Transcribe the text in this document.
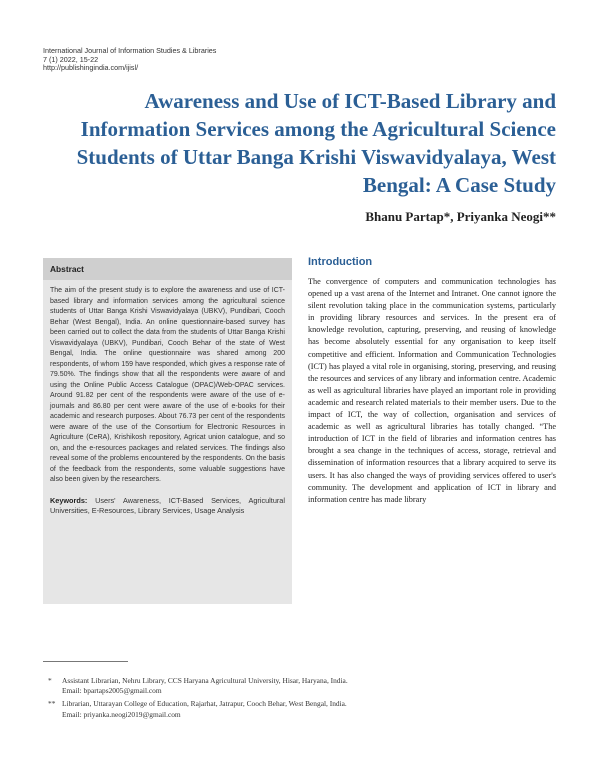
International Journal of Information Studies & Libraries
7 (1) 2022, 15-22
http://publishingindia.com/ijisl/
Awareness and Use of ICT-Based Library and Information Services among the Agricultural Science Students of Uttar Banga Krishi Viswavidyalaya, West Bengal: A Case Study
Bhanu Partap*, Priyanka Neogi**
Abstract
The aim of the present study is to explore the awareness and use of ICT-based library and information services among the agricultural science students of Uttar Banga Krishi Viswavidyalaya (UBKV), Pundibari, Cooch Behar (West Bengal), India. An online questionnaire-based survey has been carried out to collect the data from the students of Uttar Banga Krishi Viswavidyalaya (UBKV), Pundibari, Cooch Behar of the state of West Bengal, India. The online questionnaire was shared among 200 respondents, of whom 159 have responded, which gives a response rate of 79.50%. The findings show that all the respondents were aware of and using the Online Public Access Catalogue (OPAC)/Web-OPAC services. Around 91.82 per cent of the respondents were aware of the use of e-journals and 86.80 per cent were aware of the use of e-books for their academic and research purposes. About 76.73 per cent of the respondents were aware of the use of the Consortium for Electronic Resources in Agriculture (CeRA), Krishikosh repository, Agricat union catalogue, and so on, and the e-resources packages and related services. The findings also reveal some of the problems encountered by the respondents. On the basis of the feedback from the respondents, some valuable suggestions have also been given by the researchers.
Keywords: Users' Awareness, ICT-Based Services, Agricultural Universities, E-Resources, Library Services, Usage Analysis
Introduction
The convergence of computers and communication technologies has opened up a vast arena of the Internet and Intranet. One cannot ignore the silent revolution taking place in the communication systems, particularly in providing library resources and services. In the present era of knowledge revolution, capturing, preserving, and reusing of knowledge has become absolutely essential for any organisation to keep itself competitive and efficient. Information and Communication Technologies (ICT) has played a vital role in organising, storing, preserving, and reusing the resources and services of any library and information centre. Academic as well as agricultural libraries have played an important role in providing academic and research related materials to their member users. Due to the impact of ICT, the way of collection, organisation and services of academic as well as agricultural libraries has totally changed. “The introduction of ICT in the field of libraries and information centres has brought a sea change in the techniques of access, storage, retrieval and dissemination of information resources that a library acquired to serve its users. It has also changed the ways of providing services offered to user's community. The development and application of ICT in library and information centre has made library
*	Assistant Librarian, Nehru Library, CCS Haryana Agricultural University, Hisar, Haryana, India.
Email: bpartaps2005@gmail.com
** Librarian, Uttarayan College of Education, Rajarhat, Jatrapur, Cooch Behar, West Bengal, India.
Email: priyanka.neogi2019@gmail.com
